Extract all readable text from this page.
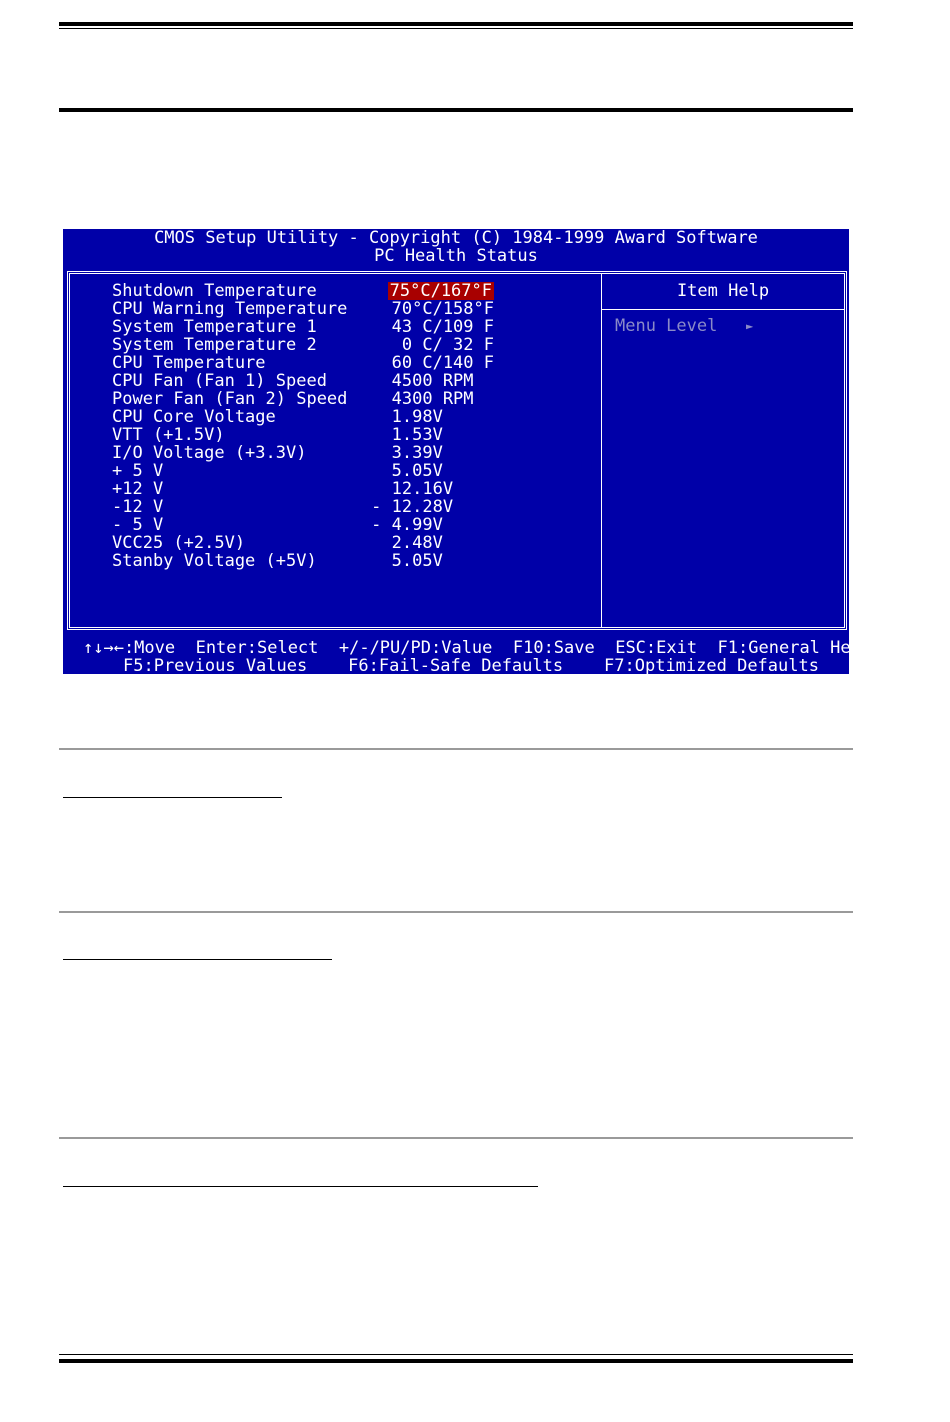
CMOS Setup Utility - Copyright (C) 1984-1999 Award Software
PC Health Status
Item Help
Menu Level ►
Shutdown Temperature	75°C/167°F
CPU Warning Temperature	70°C/158°F
System Temperature 1	43 C/109 F
System Temperature 2	0 C/ 32 F
CPU Temperature	60 C/140 F
CPU Fan (Fan 1) Speed	4500 RPM
Power Fan (Fan 2) Speed	4300 RPM
CPU Core Voltage	1.98V
VTT (+1.5V)	1.53V
I/O Voltage (+3.3V)	3.39V
+ 5 V	5.05V
+12 V	12.16V
-12 V	- 12.28V
- 5 V	- 4.99V
VCC25 (+2.5V)	2.48V
Stanby Voltage (+5V)	5.05V
↑↓→←:Move  Enter:Select  +/-/PU/PD:Value  F10:Save  ESC:Exit  F1:General Help
F5:Previous Values    F6:Fail-Safe Defaults    F7:Optimized Defaults
